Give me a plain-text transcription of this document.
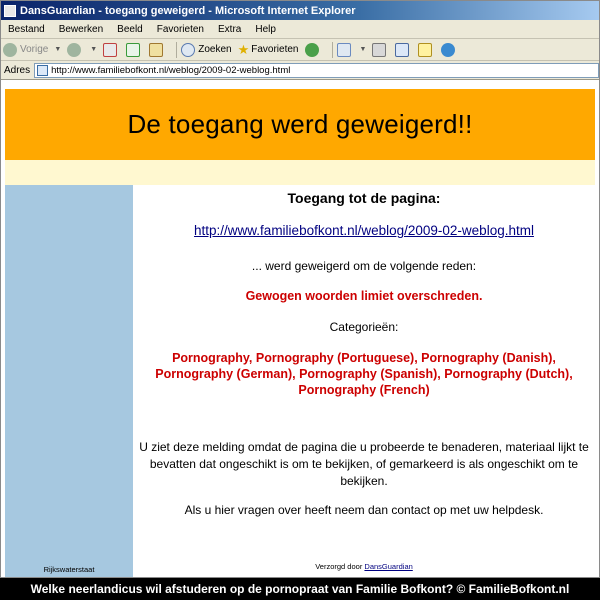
DansGuardian - toegang geweigerd - Microsoft Internet Explorer
Bestand	Bewerken	Beeld	Favorieten	Extra	Help
Vorige ▼	▼	Zoeken ★ Favorieten	▼
Adres http://www.familiebofkont.nl/weblog/2009-02-weblog.html
De toegang werd geweigerd!!
Rijkswaterstaat

Toegang tot de pagina:

http://www.familiebofkont.nl/weblog/2009-02-weblog.html

... werd geweigerd om de volgende reden:

Gewogen woorden limiet overschreden.

Categorieën:

Pornography, Pornography (Portuguese), Pornography (Danish), Pornography (German), Pornography (Spanish), Pornography (Dutch), Pornography (French)

U ziet deze melding omdat de pagina die u probeerde te benaderen, materiaal lijkt te bevatten dat ongeschikt is om te bekijken, of gemarkeerd is als ongeschikt om te bekijken.

Als u hier vragen over heeft neem dan contact op met uw helpdesk.

Verzorgd door DansGuardian

Welke neerlandicus wil afstuderen op de pornopraat van Familie Bofkont? © FamilieBofkont.nl
